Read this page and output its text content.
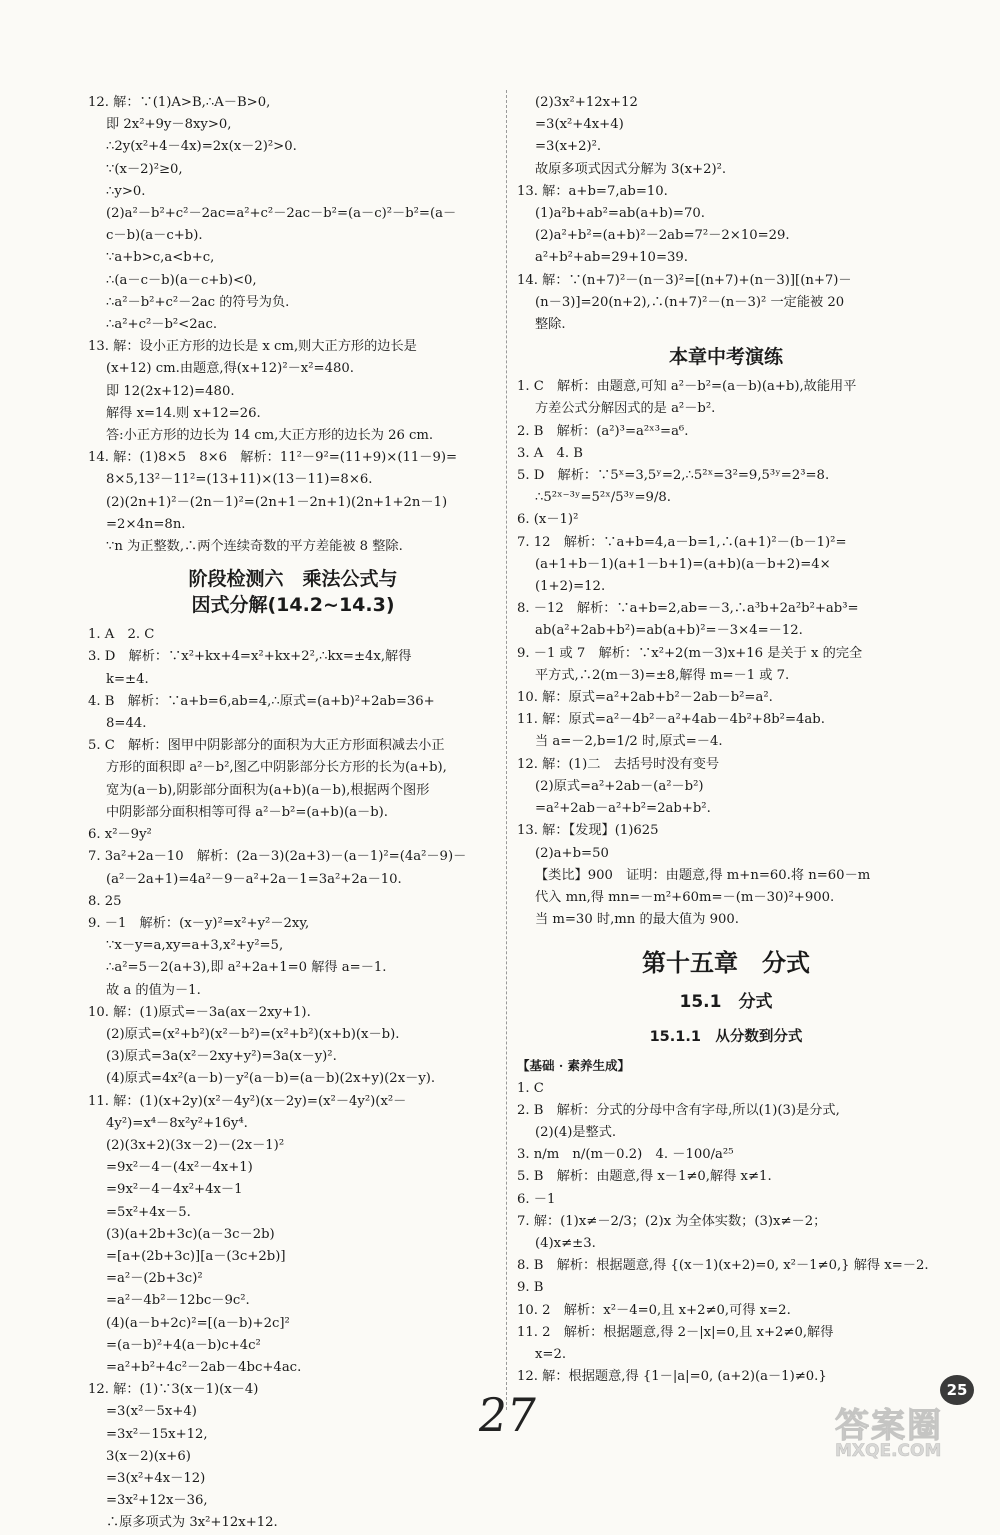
12. 解：∵(1)A>B,∴A－B>0,
即 2x²+9y－8xy>0,
∴2y(x²+4－4x)=2x(x－2)²>0.
∵(x－2)²≥0,
∴y>0.
(2)a²－b²+c²－2ac=a²+c²－2ac－b²=(a－c)²－b²=(a－
c－b)(a－c+b).
∵a+b>c,a<b+c,
∴(a－c－b)(a－c+b)<0,
∴a²－b²+c²－2ac 的符号为负.
∴a²+c²－b²<2ac.
13. 解：设小正方形的边长是 x cm,则大正方形的边长是
(x+12) cm.由题意,得(x+12)²－x²=480.
即 12(2x+12)=480.
解得 x=14.则 x+12=26.
答:小正方形的边长为 14 cm,大正方形的边长为 26 cm.
14. 解：(1)8×5　8×6　解析：11²－9²=(11+9)×(11－9)=
8×5,13²－11²=(13+11)×(13－11)=8×6.
(2)(2n+1)²－(2n－1)²=(2n+1－2n+1)(2n+1+2n－1)
=2×4n=8n.
∵n 为正整数,∴两个连续奇数的平方差能被 8 整除.
阶段检测六　乘法公式与
因式分解(14.2~14.3)
1. A　2. C
3. D　解析：∵x²+kx+4=x²+kx+2²,∴kx=±4x,解得
k=±4.
4. B　解析：∵a+b=6,ab=4,∴原式=(a+b)²+2ab=36+
8=44.
5. C　解析：图甲中阴影部分的面积为大正方形面积减去小正
方形的面积即 a²－b²,图乙中阴影部分长方形的长为(a+b),
宽为(a－b),阴影部分面积为(a+b)(a－b),根据两个图形
中阴影部分面积相等可得 a²－b²=(a+b)(a－b).
6. x²－9y²
7. 3a²+2a－10　解析：(2a－3)(2a+3)－(a－1)²=(4a²－9)－
(a²－2a+1)=4a²－9－a²+2a－1=3a²+2a－10.
8. 25
9. －1　解析：(x－y)²=x²+y²－2xy,
∵x－y=a,xy=a+3,x²+y²=5,
∴a²=5－2(a+3),即 a²+2a+1=0 解得 a=－1.
故 a 的值为－1.
10. 解：(1)原式=－3a(ax－2xy+1).
(2)原式=(x²+b²)(x²－b²)=(x²+b²)(x+b)(x－b).
(3)原式=3a(x²－2xy+y²)=3a(x－y)².
(4)原式=4x²(a－b)－y²(a－b)=(a－b)(2x+y)(2x－y).
11. 解：(1)(x+2y)(x²－4y²)(x－2y)=(x²－4y²)(x²－
4y²)=x⁴－8x²y²+16y⁴.
(2)(3x+2)(3x－2)－(2x－1)²
=9x²－4－(4x²－4x+1)
=9x²－4－4x²+4x－1
=5x²+4x－5.
(3)(a+2b+3c)(a－3c－2b)
=[a+(2b+3c)][a－(3c+2b)]
=a²－(2b+3c)²
=a²－4b²－12bc－9c².
(4)(a－b+2c)²=[(a－b)+2c]²
=(a－b)²+4(a－b)c+4c²
=a²+b²+4c²－2ab－4bc+4ac.
12. 解：(1)∵3(x－1)(x－4)
=3(x²－5x+4)
=3x²－15x+12,
3(x－2)(x+6)
=3(x²+4x－12)
=3x²+12x－36,
∴原多项式为 3x²+12x+12.
(2)3x²+12x+12
=3(x²+4x+4)
=3(x+2)².
故原多项式因式分解为 3(x+2)².
13. 解：a+b=7,ab=10.
(1)a²b+ab²=ab(a+b)=70.
(2)a²+b²=(a+b)²－2ab=7²－2×10=29.
a²+b²+ab=29+10=39.
14. 解：∵(n+7)²－(n－3)²=[(n+7)+(n－3)][(n+7)－
(n－3)]=20(n+2),∴(n+7)²－(n－3)² 一定能被 20
整除.
本章中考演练
1. C　解析：由题意,可知 a²－b²=(a－b)(a+b),故能用平
方差公式分解因式的是 a²－b².
2. B　解析：(a²)³=a²ˣ³=a⁶.
3. A　4. B
5. D　解析：∵5ˣ=3,5ʸ=2,∴5²ˣ=3²=9,5³ʸ=2³=8.
∴5²ˣ⁻³ʸ=5²ˣ/5³ʸ=9/8.
6. (x－1)²
7. 12　解析：∵a+b=4,a－b=1,∴(a+1)²－(b－1)²=
(a+1+b－1)(a+1－b+1)=(a+b)(a－b+2)=4×
(1+2)=12.
8. －12　解析：∵a+b=2,ab=－3,∴a³b+2a²b²+ab³=
ab(a²+2ab+b²)=ab(a+b)²=－3×4=－12.
9. －1 或 7　解析：∵x²+2(m－3)x+16 是关于 x 的完全
平方式,∴2(m－3)=±8,解得 m=－1 或 7.
10. 解：原式=a²+2ab+b²－2ab－b²=a².
11. 解：原式=a²－4b²－a²+4ab－4b²+8b²=4ab.
当 a=－2,b=1/2 时,原式=－4.
12. 解：(1)二　去括号时没有变号
(2)原式=a²+2ab－(a²－b²)
=a²+2ab－a²+b²=2ab+b².
13. 解：【发现】(1)625
(2)a+b=50
【类比】900　证明：由题意,得 m+n=60.将 n=60－m
代入 mn,得 mn=－m²+60m=－(m－30)²+900.
当 m=30 时,mn 的最大值为 900.
第十五章　分式
15.1　分式
15.1.1　从分数到分式
【基础 · 素养生成】
1. C
2. B　解析：分式的分母中含有字母,所以(1)(3)是分式,
(2)(4)是整式.
3. n/m　n/(m－0.2)　4. －100/a²⁵
5. B　解析：由题意,得 x－1≠0,解得 x≠1.
6. －1
7. 解：(1)x≠－2/3；(2)x 为全体实数；(3)x≠－2；
(4)x≠±3.
8. B　解析：根据题意,得 {(x－1)(x+2)=0, x²－1≠0,} 解得 x=－2.
9. B
10. 2　解析：x²－4=0,且 x+2≠0,可得 x=2.
11. 2　解析：根据题意,得 2－|x|=0,且 x+2≠0,解得
x=2.
12. 解：根据题意,得 {1－|a|=0, (a+2)(a－1)≠0.}
27	25
答案圈
MXQE.COM
